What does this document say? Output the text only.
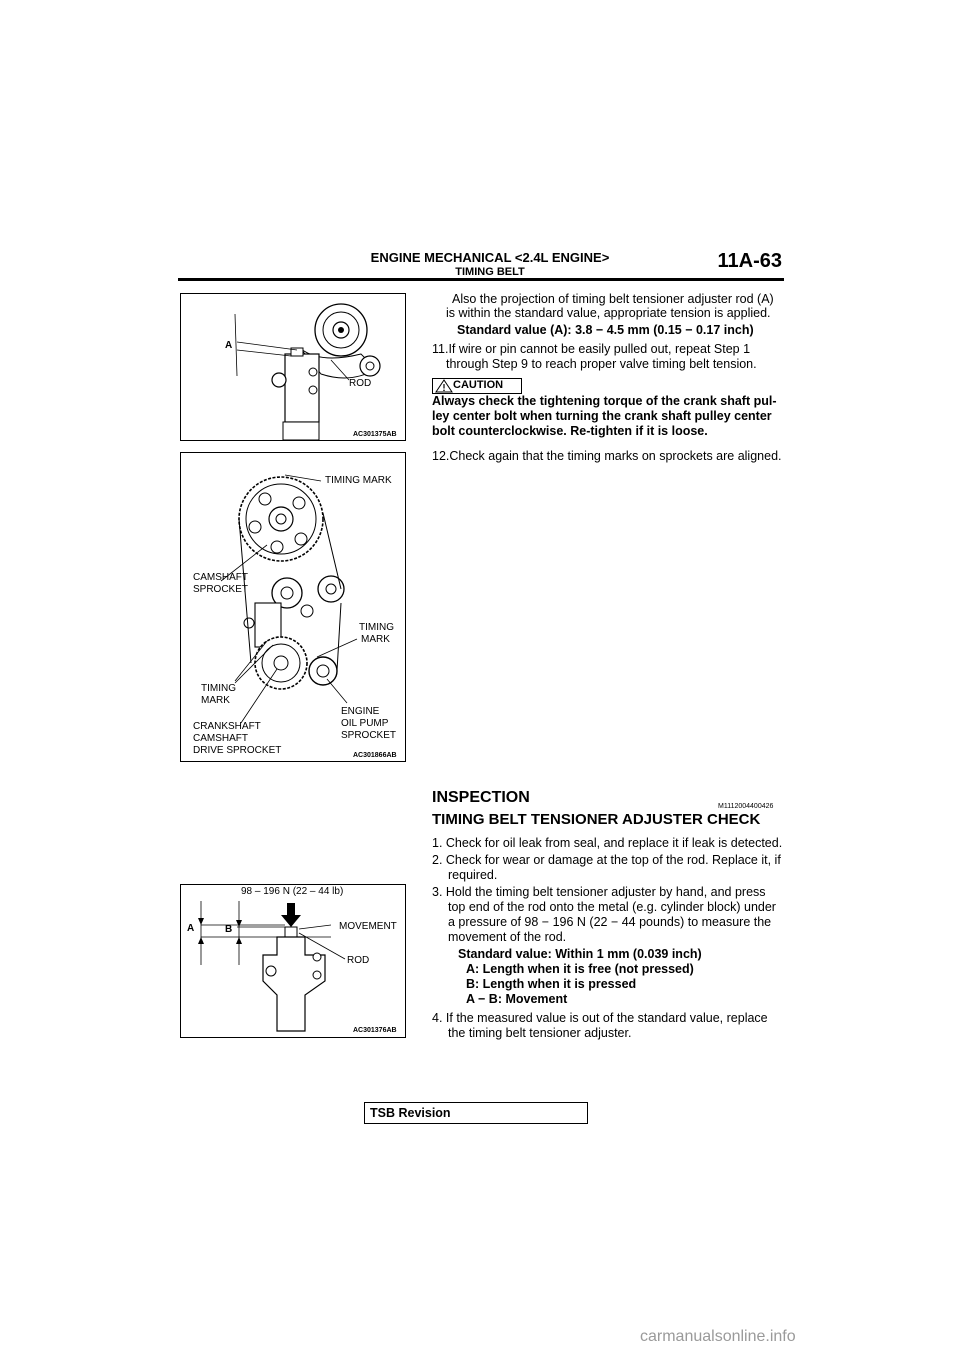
ENGINE MECHANICAL <2.4L ENGINE>
TIMING BELT	11A-63
A
ROD
AC301375AB
TIMING MARK
CAMSHAFT
SPROCKET
TIMING
MARK
TIMING
MARK
CRANKSHAFT
CAMSHAFT
DRIVE SPROCKET
ENGINE
OIL PUMP
SPROCKET
AC301866AB
98 – 196 N (22 – 44 lb)
A	B	MOVEMENT
ROD
AC301376AB
Also the projection of timing belt tensioner adjuster rod (A)
is within the standard value, appropriate tension is applied.
Standard value (A): 3.8 − 4.5 mm (0.15 − 0.17 inch)
11.If wire or pin cannot be easily pulled out, repeat Step 1
through Step 9 to reach proper valve timing belt tension.
CAUTION
Always check the tightening torque of the crank shaft pul-
ley center bolt when turning the crank shaft pulley center
bolt counterclockwise. Re-tighten if it is loose.
12.Check again that the timing marks on sprockets are aligned.
INSPECTION
M1112004400426
TIMING BELT TENSIONER ADJUSTER CHECK
1. Check for oil leak from seal, and replace it if leak is detected.
2. Check for wear or damage at the top of the rod. Replace it, if
required.
3. Hold the timing belt tensioner adjuster by hand, and press
top end of the rod onto the metal (e.g. cylinder block) under
a pressure of 98 − 196 N (22 − 44 pounds) to measure the
movement of the rod.
Standard value: Within 1 mm (0.039 inch)
A: Length when it is free (not pressed)
B: Length when it is pressed
A − B: Movement
4. If the measured value is out of the standard value, replace
the timing belt tensioner adjuster.
TSB Revision
carmanualsonline.info
